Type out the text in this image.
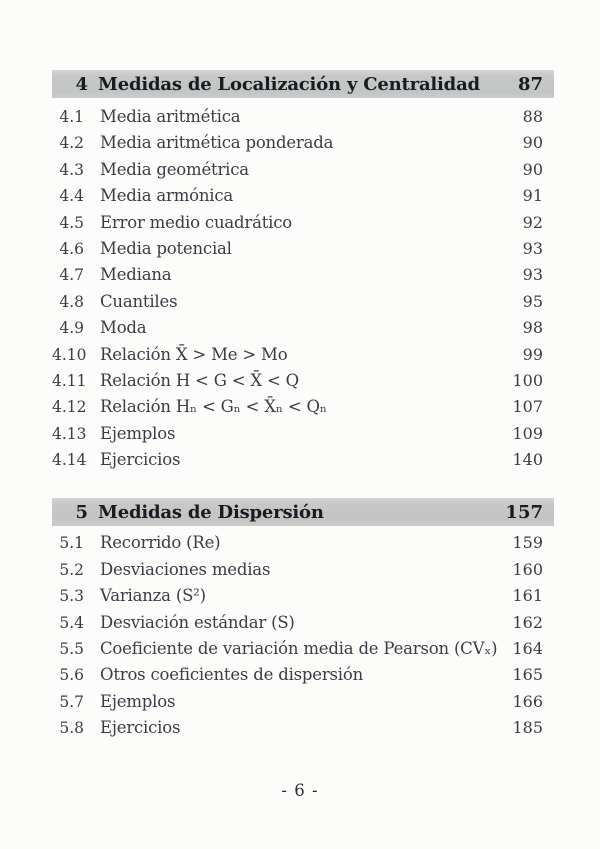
4 Medidas de Localización y Centralidad 87
4.1 Media aritmética	88
4.2 Media aritmética ponderada	90
4.3 Media geométrica	90
4.4 Media armónica	91
4.5 Error medio cuadrático	92
4.6 Media potencial	93
4.7 Mediana	93
4.8 Cuantiles	95
4.9 Moda	98
4.10 Relación X̄ > Me > Mo	99
4.11 Relación H < G < X̄ < Q	100
4.12 Relación Hₙ < Gₙ < X̄ₙ < Qₙ	107
4.13 Ejemplos	109
4.14 Ejercicios	140
5 Medidas de Dispersión	157
5.1 Recorrido (Re)	159
5.2 Desviaciones medias	160
5.3 Varianza (S²)	161
5.4 Desviación estándar (S)	162
5.5 Coeficiente de variación media de Pearson (CVₓ) 164
5.6 Otros coeficientes de dispersión	165
5.7 Ejemplos	166
5.8 Ejercicios	185
- 6 -
